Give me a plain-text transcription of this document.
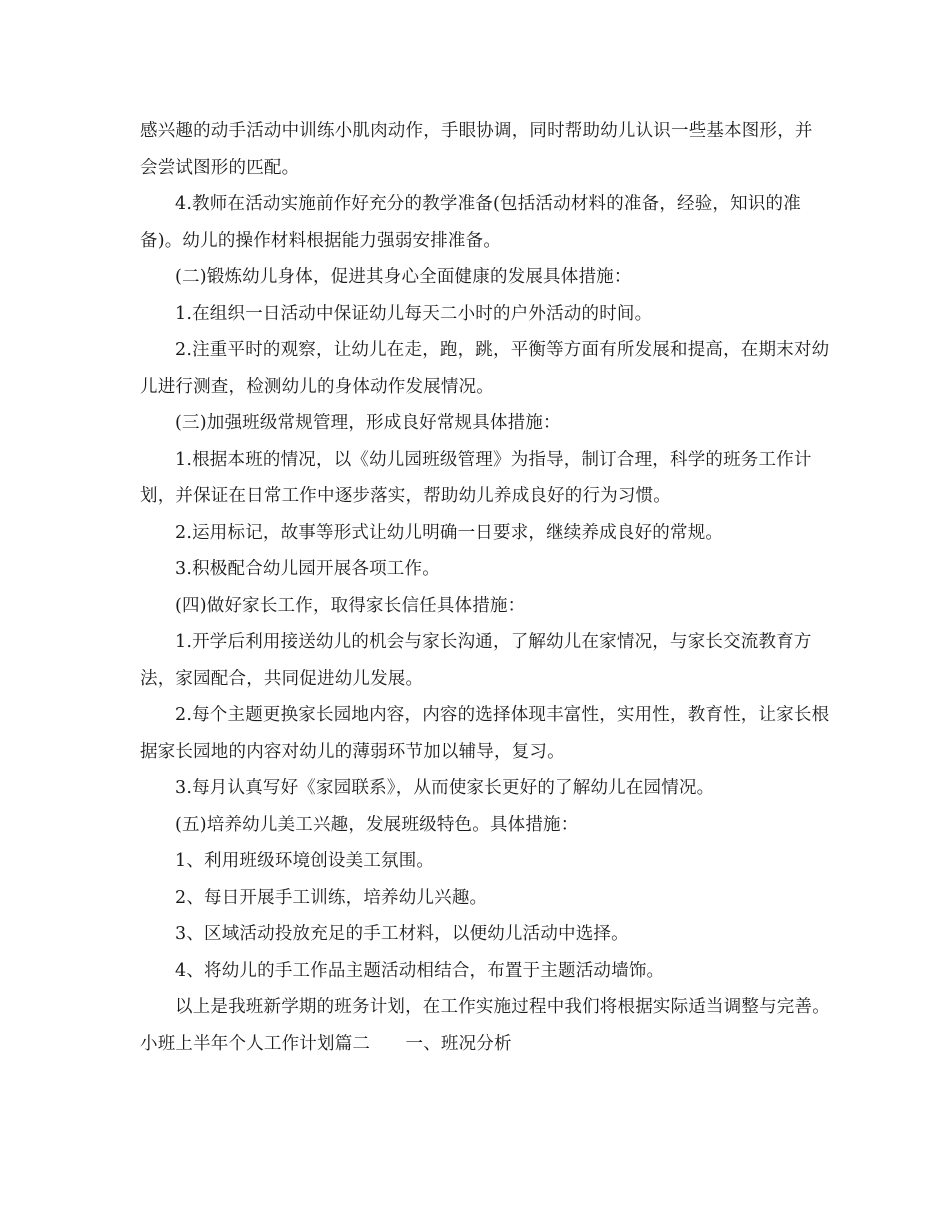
感兴趣的动手活动中训练小肌肉动作，手眼协调，同时帮助幼儿认识一些基本图形，并会尝试图形的匹配。

4.教师在活动实施前作好充分的教学准备(包括活动材料的准备，经验，知识的准备)。幼儿的操作材料根据能力强弱安排准备。

(二)锻炼幼儿身体，促进其身心全面健康的发展具体措施：

1.在组织一日活动中保证幼儿每天二小时的户外活动的时间。

2.注重平时的观察，让幼儿在走，跑，跳，平衡等方面有所发展和提高，在期末对幼儿进行测查，检测幼儿的身体动作发展情况。

(三)加强班级常规管理，形成良好常规具体措施：

1.根据本班的情况，以《幼儿园班级管理》为指导，制订合理，科学的班务工作计划，并保证在日常工作中逐步落实，帮助幼儿养成良好的行为习惯。

2.运用标记，故事等形式让幼儿明确一日要求，继续养成良好的常规。

3.积极配合幼儿园开展各项工作。

(四)做好家长工作，取得家长信任具体措施：

1.开学后利用接送幼儿的机会与家长沟通，了解幼儿在家情况，与家长交流教育方法，家园配合，共同促进幼儿发展。

2.每个主题更换家长园地内容，内容的选择体现丰富性，实用性，教育性，让家长根据家长园地的内容对幼儿的薄弱环节加以辅导，复习。

3.每月认真写好《家园联系》，从而使家长更好的了解幼儿在园情况。

(五)培养幼儿美工兴趣，发展班级特色。具体措施：

1、利用班级环境创设美工氛围。

2、每日开展手工训练，培养幼儿兴趣。

3、区域活动投放充足的手工材料，以便幼儿活动中选择。

4、将幼儿的手工作品主题活动相结合，布置于主题活动墙饰。

以上是我班新学期的班务计划，在工作实施过程中我们将根据实际适当调整与完善。

小班上半年个人工作计划篇二　　一、班况分析
